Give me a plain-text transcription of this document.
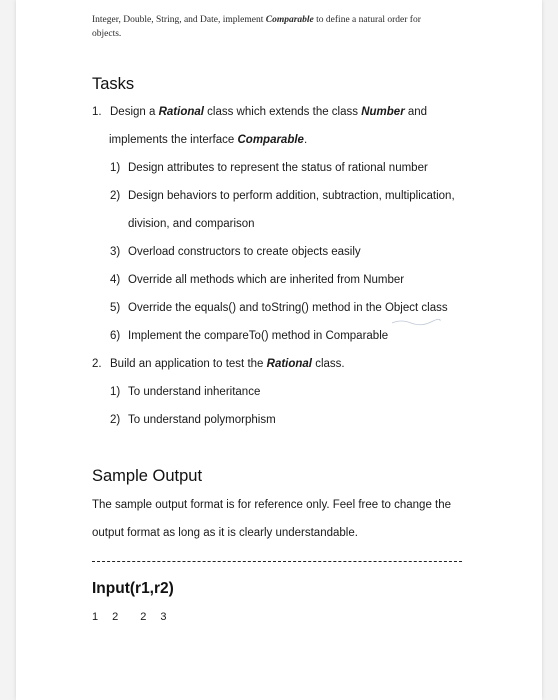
Integer, Double, String, and Date, implement Comparable to define a natural order for
objects.
Tasks
1. Design a Rational class which extends the class Number and
implements the interface Comparable.
1) Design attributes to represent the status of rational number
2) Design behaviors to perform addition, subtraction, multiplication,
division, and comparison
3) Overload constructors to create objects easily
4) Override all methods which are inherited from Number
5) Override the equals() and toString() method in the Object class
6) Implement the compareTo() method in Comparable
2. Build an application to test the Rational class.
1) To understand inheritance
2) To understand polymorphism
Sample Output
The sample output format is for reference only. Feel free to change the
output format as long as it is clearly understandable.
Input(r1,r2)
1 2 2 3
